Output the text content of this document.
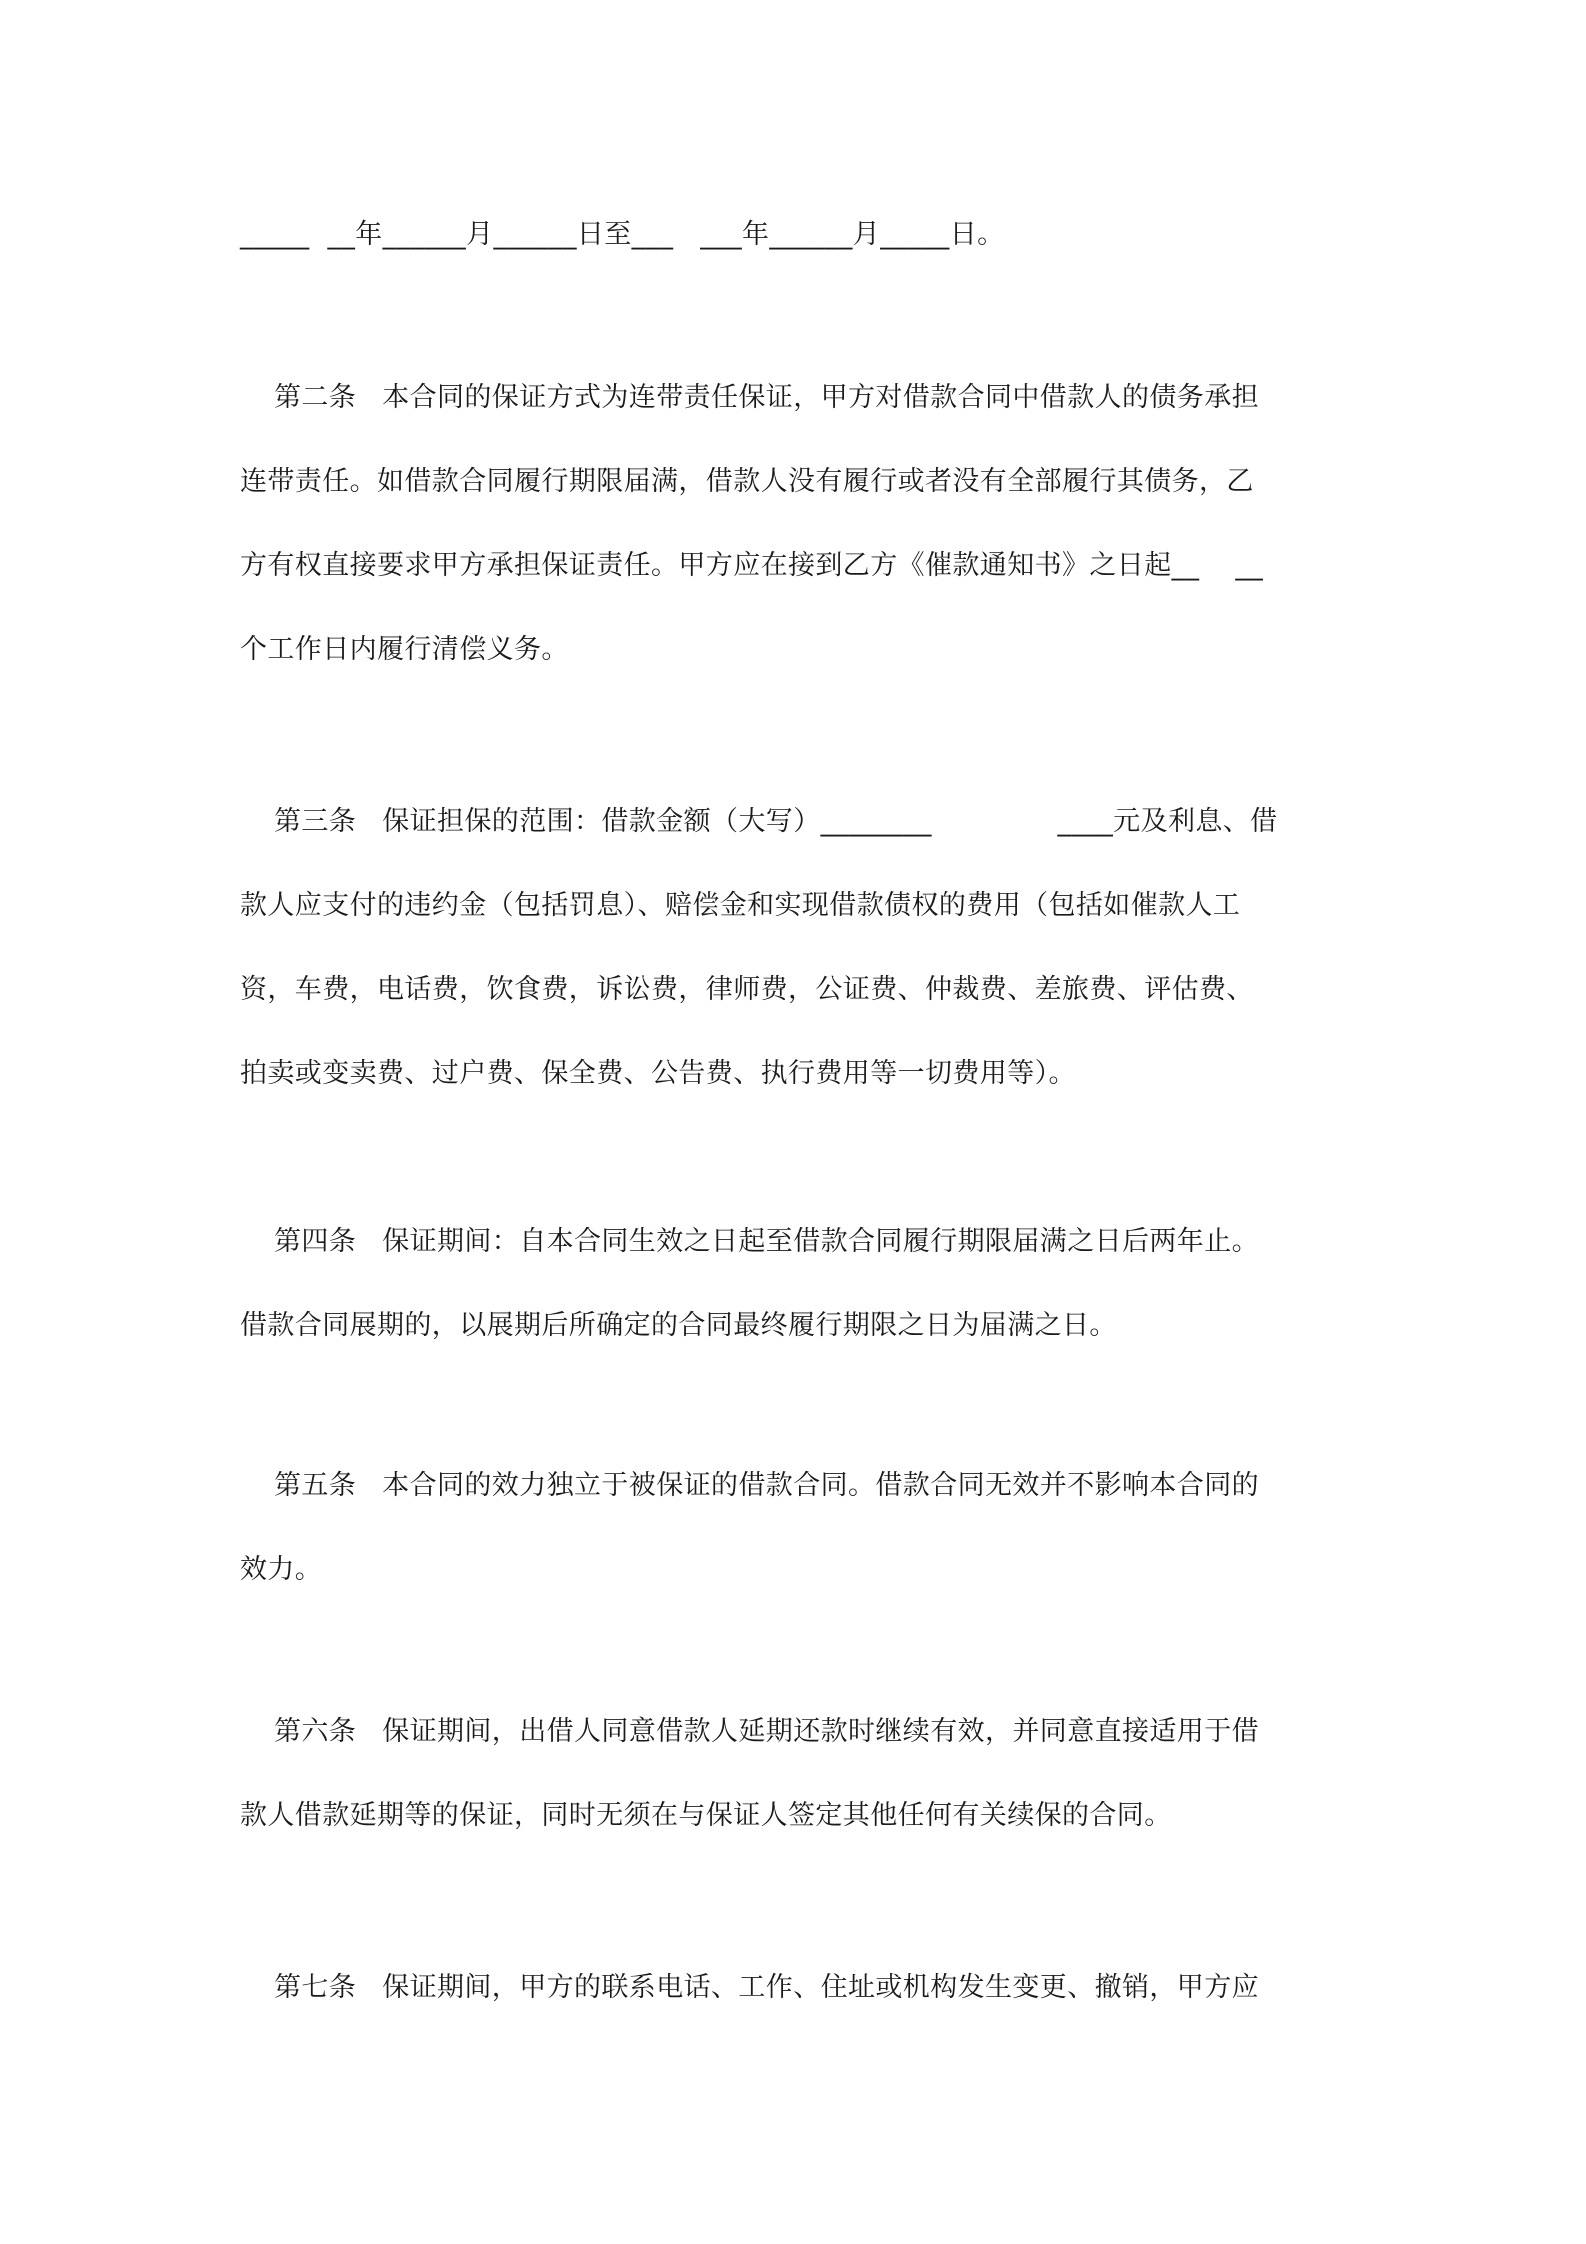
_____  __年______月______日至___   ___年______月_____日。
第二条 本合同的保证方式为连带责任保证，甲方对借款合同中借款人的债务承担
连带责任。如借款合同履行期限届满，借款人没有履行或者没有全部履行其债务，乙
方有权直接要求甲方承担保证责任。甲方应在接到乙方《催款通知书》之日起__    __
个工作日内履行清偿义务。
第三条 保证担保的范围：借款金额（大写）________              ____元及利息、借
款人应支付的违约金（包括罚息）、赔偿金和实现借款债权的费用（包括如催款人工
资，车费，电话费，饮食费，诉讼费，律师费，公证费、仲裁费、差旅费、评估费、
拍卖或变卖费、过户费、保全费、公告费、执行费用等一切费用等）。
第四条 保证期间：自本合同生效之日起至借款合同履行期限届满之日后两年止。
借款合同展期的，以展期后所确定的合同最终履行期限之日为届满之日。
第五条 本合同的效力独立于被保证的借款合同。借款合同无效并不影响本合同的
效力。
第六条 保证期间，出借人同意借款人延期还款时继续有效，并同意直接适用于借
款人借款延期等的保证，同时无须在与保证人签定其他任何有关续保的合同。
第七条 保证期间，甲方的联系电话、工作、住址或机构发生变更、撤销，甲方应
